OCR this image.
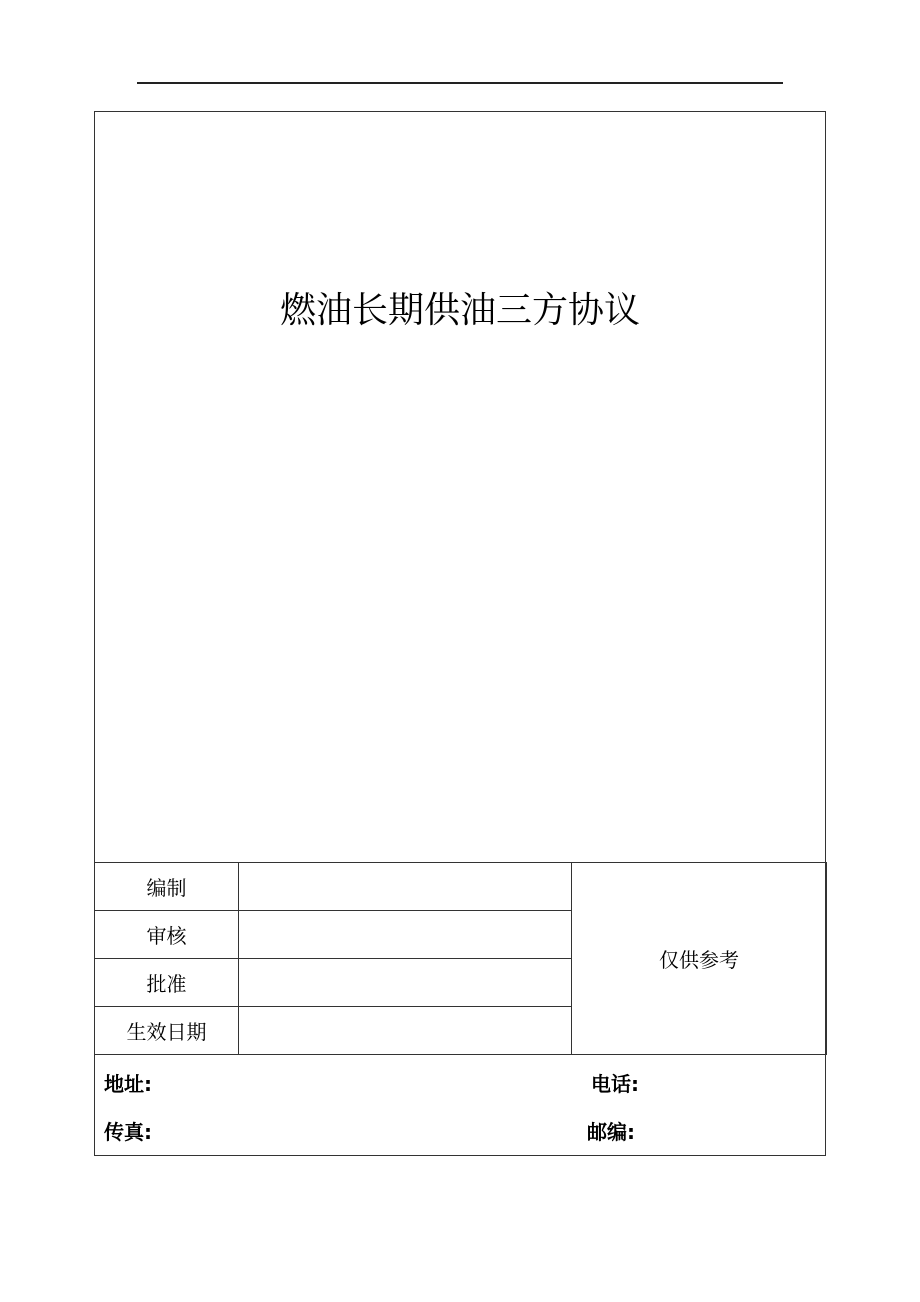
燃油长期供油三方协议
编制		仅供参考
审核		
批准		
生效日期		
地址:	电话:
传真:	邮编:
